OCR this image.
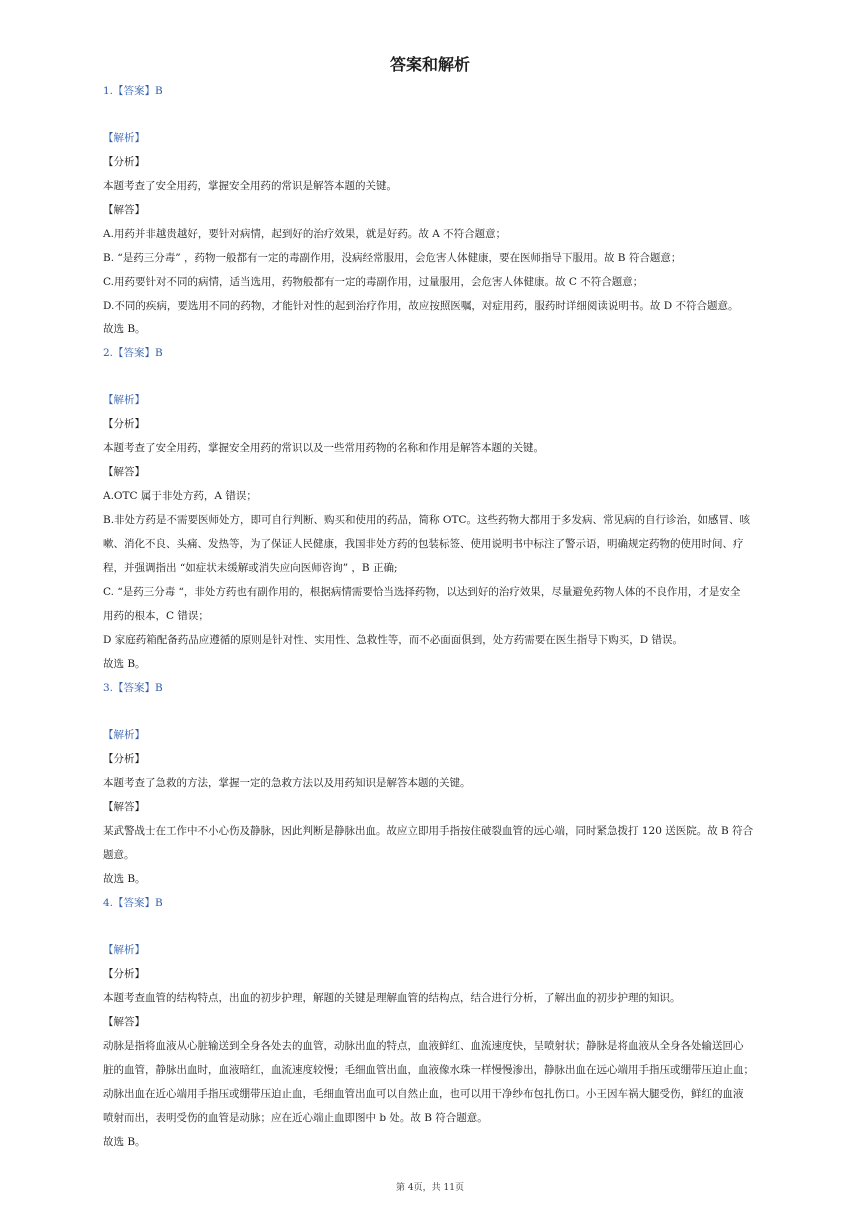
答案和解析
1.【答案】B
【解析】
【分析】
本题考查了安全用药，掌握安全用药的常识是解答本题的关键。
【解答】
A.用药并非越贵越好，要针对病情，起到好的治疗效果，就是好药。故 A 不符合题意；
B. “是药三分毒” ，药物一般都有一定的毒副作用，没病经常服用，会危害人体健康，要在医师指导下服用。故 B 符合题意；
C.用药要针对不同的病情，适当选用，药物般都有一定的毒副作用，过量服用，会危害人体健康。故 C 不符合题意；
D.不同的疾病，要选用不同的药物，才能针对性的起到治疗作用，故应按照医嘱，对症用药，服药时详细阅读说明书。故 D 不符合题意。
故选 B。
2.【答案】B
【解析】
【分析】
本题考查了安全用药，掌握安全用药的常识以及一些常用药物的名称和作用是解答本题的关键。
【解答】
A.OTC 属于非处方药，A 错误；
B.非处方药是不需要医师处方，即可自行判断、购买和使用的药品，简称 OTC。这些药物大都用于多发病、常见病的自行诊治，如感冒、咳
嗽、消化不良、头痛、发热等，为了保证人民健康，我国非处方药的包装标签、使用说明书中标注了警示语，明确规定药物的使用时间、疗
程，并强调指出 “如症状未缓解或消失应向医师咨询” ，B 正确;
C. “是药三分毒 “，非处方药也有副作用的，根据病情需要恰当选择药物，以达到好的治疗效果，尽量避免药物人体的不良作用，才是安全
用药的根本，C 错误；
D 家庭药箱配备药品应遵循的原则是针对性、实用性、急救性等，而不必面面俱到，处方药需要在医生指导下购买，D 错误。
故选 B。
3.【答案】B
【解析】
【分析】
本题考查了急救的方法，掌握一定的急救方法以及用药知识是解答本题的关键。
【解答】
某武警战士在工作中不小心伤及静脉，因此判断是静脉出血。故应立即用手指按住破裂血管的远心端，同时紧急拨打 120 送医院。故 B 符合
题意。
故选 B。
4.【答案】B
【解析】
【分析】
本题考查血管的结构特点，出血的初步护理，解题的关键是理解血管的结构点，结合进行分析，了解出血的初步护理的知识。
【解答】
动脉是指将血液从心脏输送到全身各处去的血管，动脉出血的特点，血液鲜红、血流速度快，呈喷射状；静脉是将血液从全身各处输送回心
脏的血管，静脉出血时，血液暗红，血流速度较慢；毛细血管出血，血液像水珠一样慢慢渗出，静脉出血在远心端用手指压或绷带压迫止血；
动脉出血在近心端用手指压或绷带压迫止血，毛细血管出血可以自然止血，也可以用干净纱布包扎伤口。小王因车祸大腿受伤，鲜红的血液
喷射而出，表明受伤的血管是动脉；应在近心端止血即图中 b 处。故 B 符合题意。
故选 B。
第 4页，共 11页
